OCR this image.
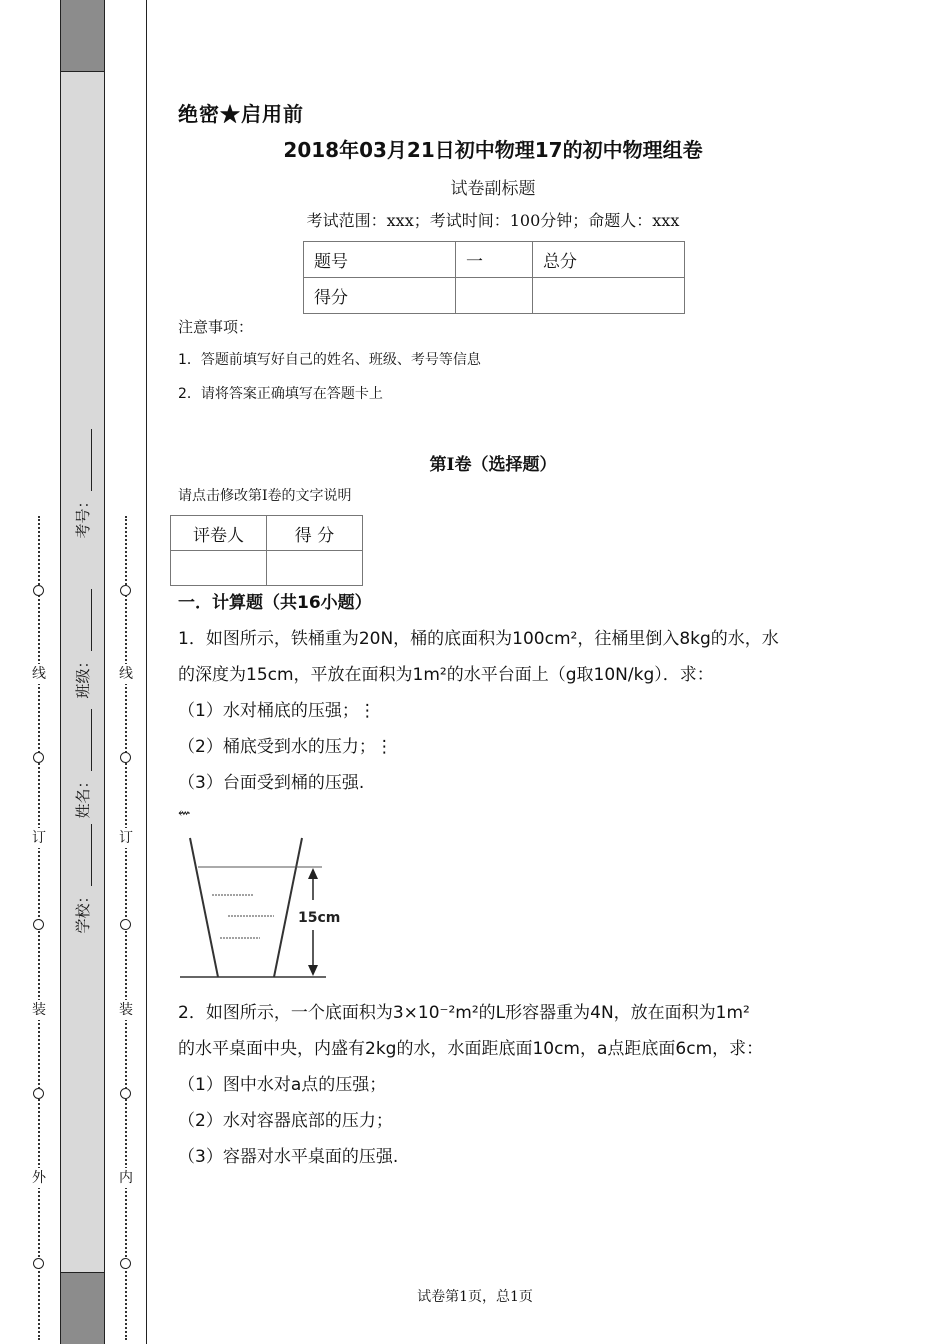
线
订
装
外
线
订
装
内
考号：
班级：
姓名：
学校：
绝密★启用前
2018年03月21日初中物理17的初中物理组卷
试卷副标题
考试范围：xxx；考试时间：100分钟；命题人：xxx
题号	一	总分
得分		
注意事项：
1．答题前填写好自己的姓名、班级、考号等信息
2．请将答案正确填写在答题卡上
第Ⅰ卷（选择题）
请点击修改第I卷的文字说明
评卷人	得 分

一．计算题（共16小题）
1．如图所示，铁桶重为20N，桶的底面积为100cm²，往桶里倒入8kg的水，水
的深度为15cm，平放在面积为1m²的水平台面上（g取10N/kg）．求：
（1）水对桶底的压强；⋮
（2）桶底受到水的压力；⋮
（3）台面受到桶的压强.
⇜
15cm
2．如图所示，一个底面积为3×10⁻²m²的L形容器重为4N，放在面积为1m²
的水平桌面中央，内盛有2kg的水，水面距底面10cm，a点距底面6cm，求：
（1）图中水对a点的压强；
（2）水对容器底部的压力；
（3）容器对水平桌面的压强.
试卷第1页，总1页
